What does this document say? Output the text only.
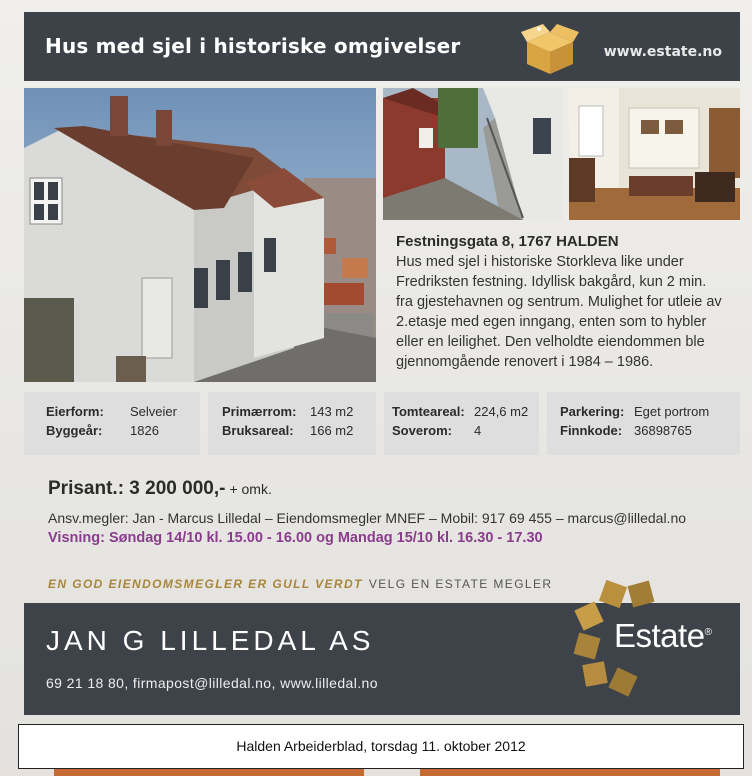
Hus med sjel i historiske omgivelser	www.estate.no
Festningsgata 8, 1767 HALDEN
Hus med sjel i historiske Storkleva like under
Fredriksten festning. Idyllisk bakgård, kun 2 min.
fra gjestehavnen og sentrum. Mulighet for utleie av
2.etasje med egen inngang, enten som to hybler
eller en leilighet. Den velholdte eiendommen ble
gjennomgående renovert i 1984 – 1986.
Eierform: Selveier
Byggeår: 1826
Primærrom: 143 m2
Bruksareal: 166 m2
Tomteareal: 224,6 m2
Soverom: 4
Parkering: Eget portrom
Finnkode: 36898765
Prisant.: 3 200 000,- + omk.
Ansv.megler: Jan - Marcus Lilledal – Eiendomsmegler MNEF – Mobil: 917 69 455 – marcus@lilledal.no
Visning: Søndag 14/10 kl. 15.00 - 16.00 og Mandag 15/10 kl. 16.30 - 17.30
EN GOD EIENDOMSMEGLER ER GULL VERDT VELG EN ESTATE MEGLER
JAN G LILLEDAL AS
69 21 18 80, firmapost@lilledal.no, www.lilledal.no
Estate®
Halden Arbeiderblad, torsdag 11. oktober 2012
